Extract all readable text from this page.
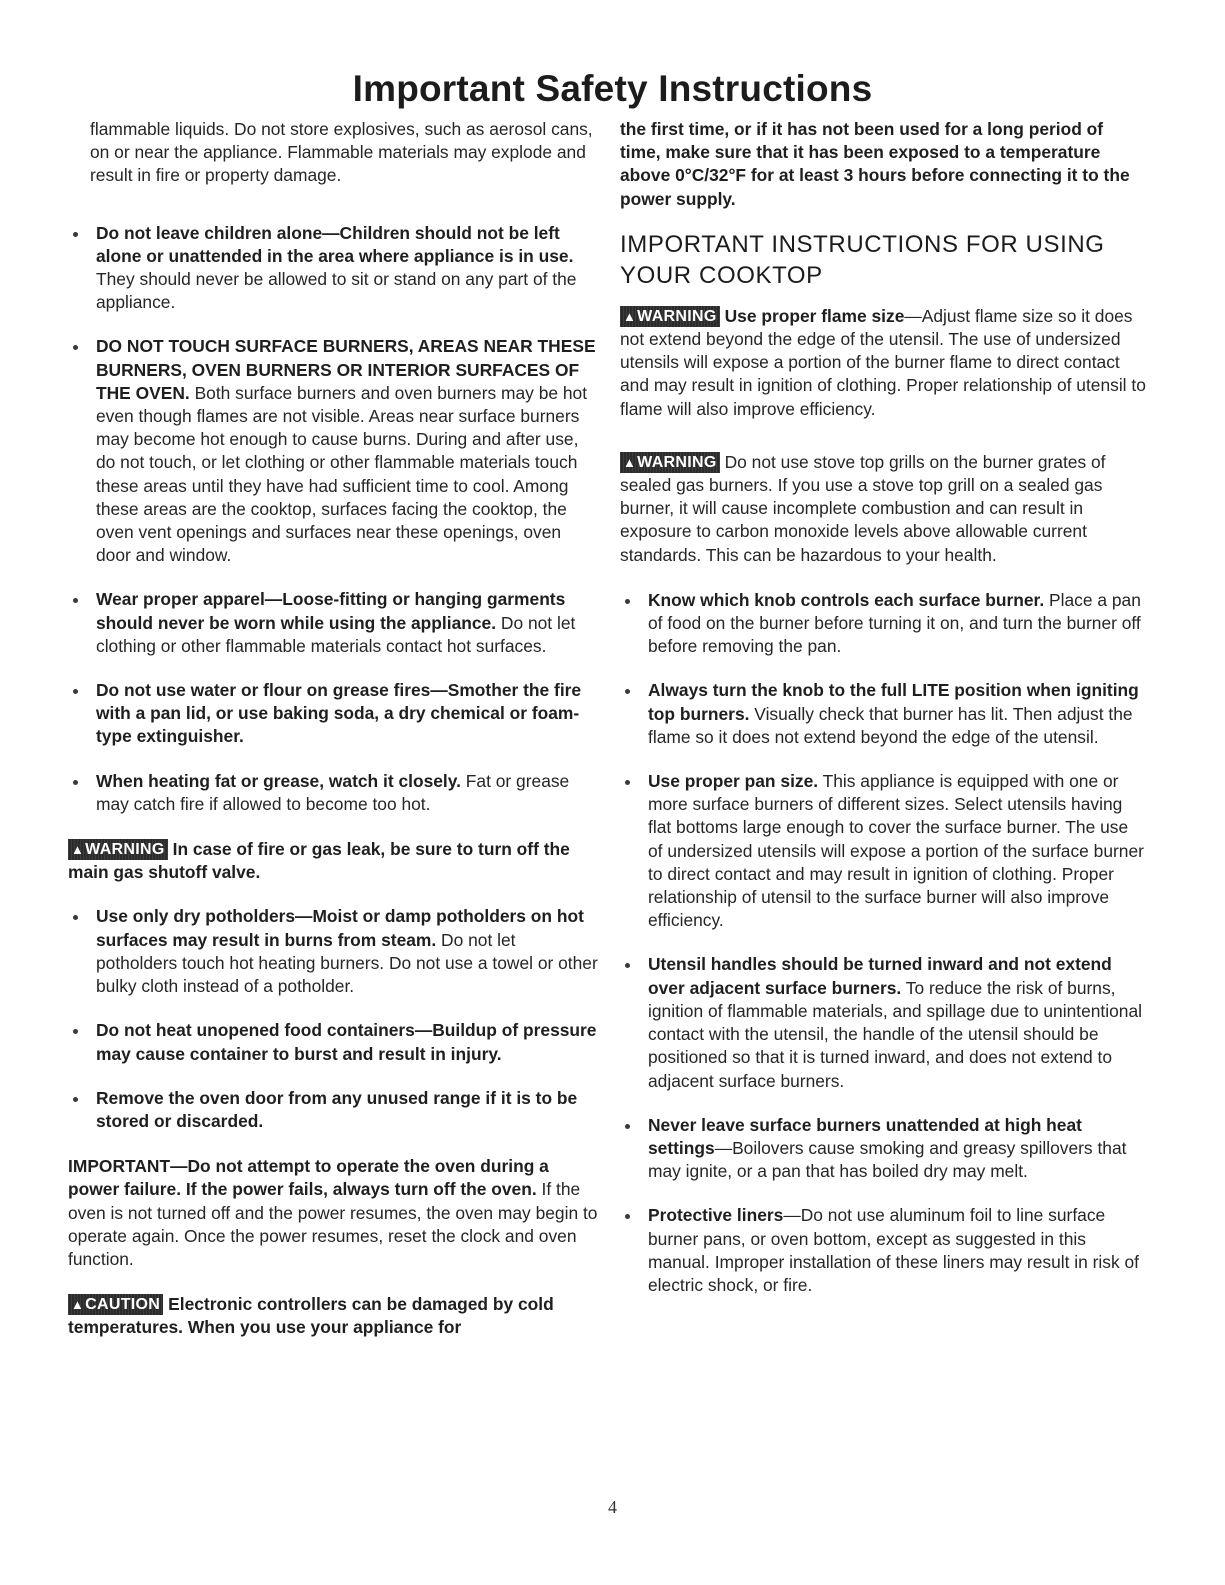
Important Safety Instructions

flammable liquids. Do not store explosives, such as aerosol cans, on or near the appliance. Flammable materials may explode and result in fire or property damage.

Do not leave children alone—Children should not be left alone or unattended in the area where appliance is in use. They should never be allowed to sit or stand on any part of the appliance.
DO NOT TOUCH SURFACE BURNERS, AREAS NEAR THESE BURNERS, OVEN BURNERS OR INTERIOR SURFACES OF THE OVEN. Both surface burners and oven burners may be hot even though flames are not visible. Areas near surface burners may become hot enough to cause burns. During and after use, do not touch, or let clothing or other flammable materials touch these areas until they have had sufficient time to cool. Among these areas are the cooktop, surfaces facing the cooktop, the oven vent openings and surfaces near these openings, oven door and window.
Wear proper apparel—Loose-fitting or hanging garments should never be worn while using the appliance. Do not let clothing or other flammable materials contact hot surfaces.
Do not use water or flour on grease fires—Smother the fire with a pan lid, or use baking soda, a dry chemical or foam-type extinguisher.
When heating fat or grease, watch it closely. Fat or grease may catch fire if allowed to become too hot.

▲WARNING In case of fire or gas leak, be sure to turn off the main gas shutoff valve.

Use only dry potholders—Moist or damp potholders on hot surfaces may result in burns from steam. Do not let potholders touch hot heating burners. Do not use a towel or other bulky cloth instead of a potholder.
Do not heat unopened food containers—Buildup of pressure may cause container to burst and result in injury.
Remove the oven door from any unused range if it is to be stored or discarded.

IMPORTANT—Do not attempt to operate the oven during a power failure. If the power fails, always turn off the oven. If the oven is not turned off and the power resumes, the oven may begin to operate again. Once the power resumes, reset the clock and oven function.

▲CAUTION Electronic controllers can be damaged by cold temperatures. When you use your appliance for

the first time, or if it has not been used for a long period of time, make sure that it has been exposed to a temperature above 0°C/32°F for at least 3 hours before connecting it to the power supply.

IMPORTANT INSTRUCTIONS FOR USING YOUR COOKTOP

▲WARNING Use proper flame size—Adjust flame size so it does not extend beyond the edge of the utensil. The use of undersized utensils will expose a portion of the burner flame to direct contact and may result in ignition of clothing. Proper relationship of utensil to flame will also improve efficiency.

▲WARNING Do not use stove top grills on the burner grates of sealed gas burners. If you use a stove top grill on a sealed gas burner, it will cause incomplete combustion and can result in exposure to carbon monoxide levels above allowable current standards. This can be hazardous to your health.

Know which knob controls each surface burner. Place a pan of food on the burner before turning it on, and turn the burner off before removing the pan.
Always turn the knob to the full LITE position when igniting top burners. Visually check that burner has lit. Then adjust the flame so it does not extend beyond the edge of the utensil.
Use proper pan size. This appliance is equipped with one or more surface burners of different sizes. Select utensils having flat bottoms large enough to cover the surface burner. The use of undersized utensils will expose a portion of the surface burner to direct contact and may result in ignition of clothing. Proper relationship of utensil to the surface burner will also improve efficiency.
Utensil handles should be turned inward and not extend over adjacent surface burners. To reduce the risk of burns, ignition of flammable materials, and spillage due to unintentional contact with the utensil, the handle of the utensil should be positioned so that it is turned inward, and does not extend to adjacent surface burners.
Never leave surface burners unattended at high heat settings—Boilovers cause smoking and greasy spillovers that may ignite, or a pan that has boiled dry may melt.
Protective liners—Do not use aluminum foil to line surface burner pans, or oven bottom, except as suggested in this manual. Improper installation of these liners may result in risk of electric shock, or fire.
4
